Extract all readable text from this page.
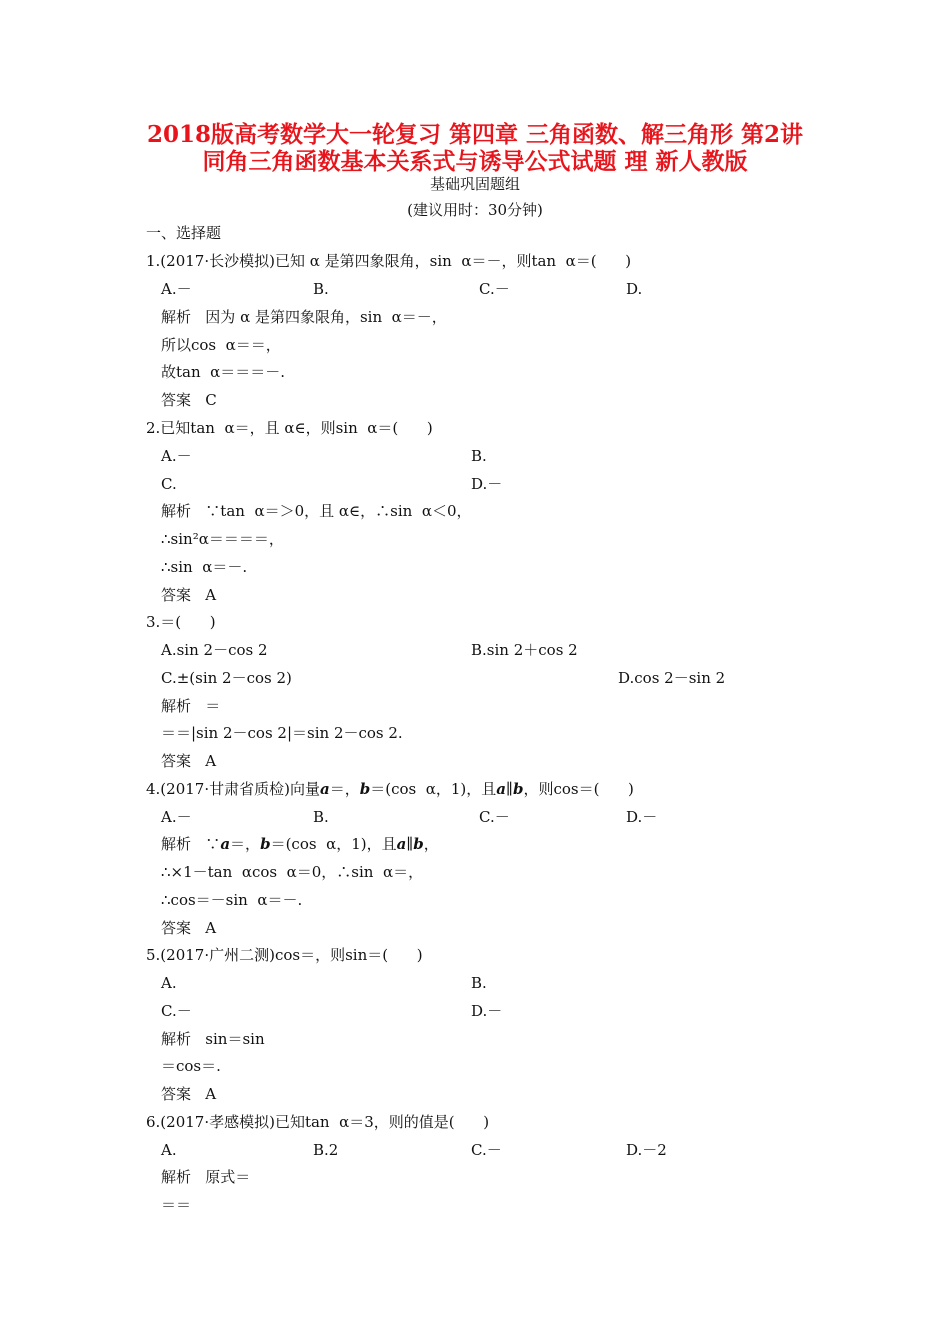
2018版高考数学大一轮复习 第四章 三角函数、解三角形 第2讲
同角三角函数基本关系式与诱导公式试题 理 新人教版
基础巩固题组
(建议用时：30分钟)
一、选择题
1.(2017·长沙模拟)已知 α 是第四象限角，sin  α＝－，则tan  α＝(      )
A.－	B.	C.－	D.
解析   因为 α 是第四象限角，sin  α＝－，
所以cos  α＝＝，
故tan  α＝＝＝－.
答案   C
2.已知tan  α＝，且 α∈，则sin  α＝(      )
A.－	B.
C.	D.－
解析   ∵tan  α＝＞0，且 α∈，∴sin  α＜0，
∴sin²α＝＝＝＝，
∴sin  α＝－.
答案   A
3.＝(      )
A.sin 2－cos 2	B.sin 2＋cos 2
C.±(sin 2－cos 2)	D.cos 2－sin 2
解析   ＝
＝＝|sin 2－cos 2|＝sin 2－cos 2.
答案   A
4.(2017·甘肃省质检)向量a＝，b＝(cos  α，1)，且a∥b，则cos＝(      )
A.－	B.	C.－	D.－
解析   ∵a＝，b＝(cos  α，1)，且a∥b，
∴×1－tan  αcos  α＝0，∴sin  α＝，
∴cos＝－sin  α＝－.
答案   A
5.(2017·广州二测)cos＝，则sin＝(      )
A.	B.
C.－	D.－
解析   sin＝sin
＝cos＝.
答案   A
6.(2017·孝感模拟)已知tan  α＝3，则的值是(      )
A.	B.2	C.－	D.－2
解析   原式＝
＝＝
